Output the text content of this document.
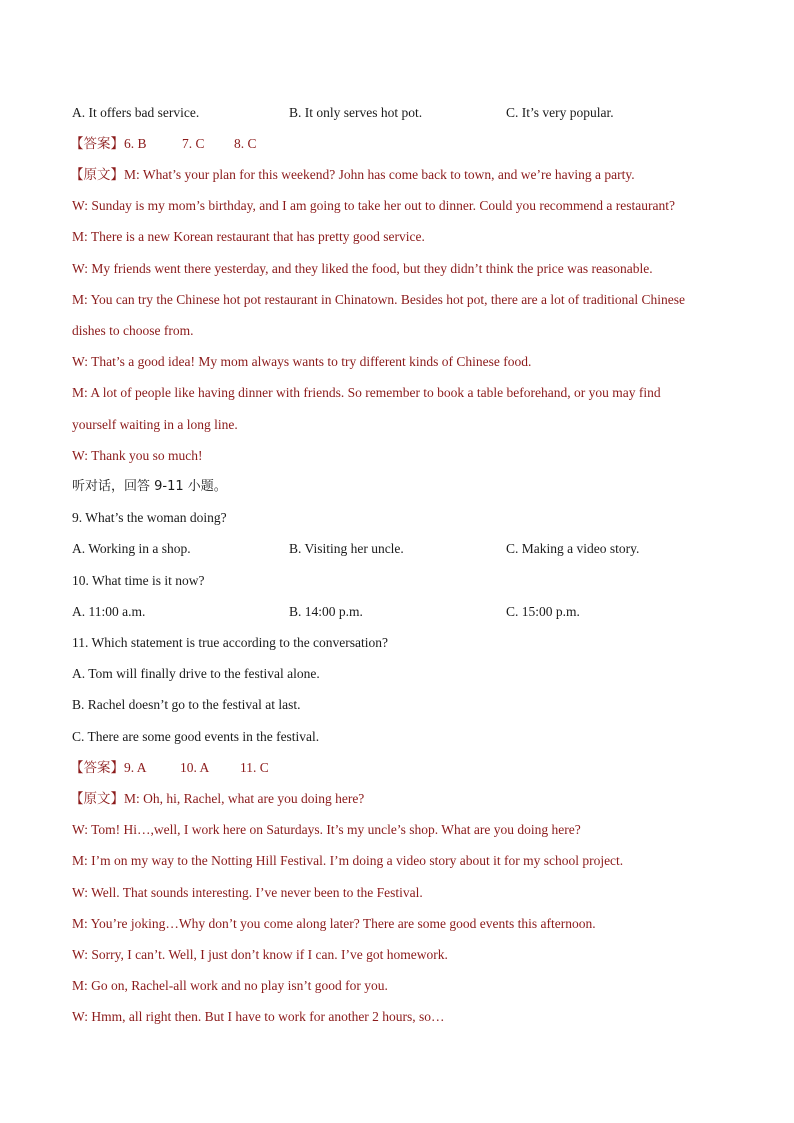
A. It offers bad service.	B. It only serves hot pot.	C. It’s very popular.
【答案】6. B	7. C 8. C
【原文】M: What’s your plan for this weekend? John has come back to town, and we’re having a party.
W: Sunday is my mom’s birthday, and I am going to take her out to dinner. Could you recommend a restaurant?
M: There is a new Korean restaurant that has pretty good service.
W: My friends went there yesterday, and they liked the food, but they didn’t think the price was reasonable.
M: You can try the Chinese hot pot restaurant in Chinatown. Besides hot pot, there are a lot of traditional Chinese
dishes to choose from.
W: That’s a good idea! My mom always wants to try different kinds of Chinese food.
M: A lot of people like having dinner with friends. So remember to book a table beforehand, or you may find
yourself waiting in a long line.
W: Thank you so much!
听对话，回答 9-11 小题。
9. What’s the woman doing?
A. Working in a shop.	B. Visiting her uncle.	C. Making a video story.
10. What time is it now?
A. 11:00 a.m.	B. 14:00 p.m.	C. 15:00 p.m.
11. Which statement is true according to the conversation?
A. Tom will finally drive to the festival alone.
B. Rachel doesn’t go to the festival at last.
C. There are some good events in the festival.
【答案】9. A 10. A 11. C
【原文】M: Oh, hi, Rachel, what are you doing here?
W: Tom! Hi…,well, I work here on Saturdays. It’s my uncle’s shop. What are you doing here?
M: I’m on my way to the Notting Hill Festival. I’m doing a video story about it for my school project.
W: Well. That sounds interesting. I’ve never been to the Festival.
M: You’re joking…Why don’t you come along later? There are some good events this afternoon.
W: Sorry, I can’t. Well, I just don’t know if I can. I’ve got homework.
M: Go on, Rachel-all work and no play isn’t good for you.
W: Hmm, all right then. But I have to work for another 2 hours, so…
